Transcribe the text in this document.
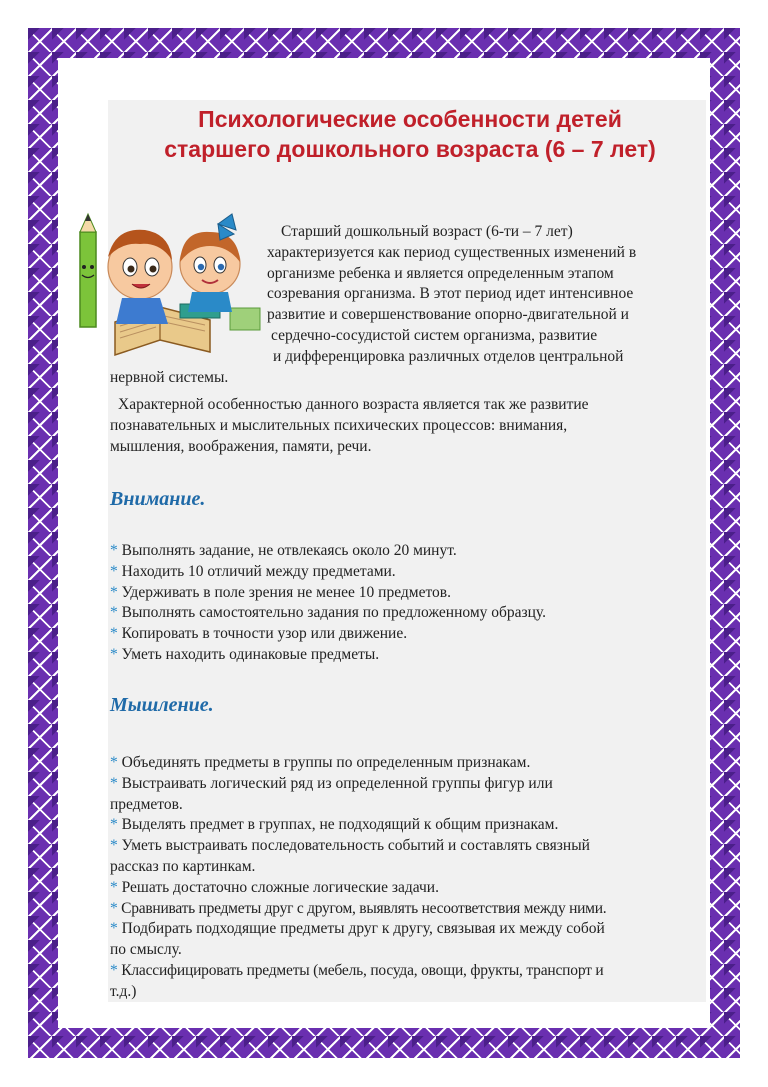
Психологические особенности детей
старшего дошкольного возраста (6 – 7 лет)
Старший дошкольный возраст (6-ти – 7 лет)
характеризуется как период существенных изменений в
организме ребенка и является определенным этапом
созревания организма. В этот период идет интенсивное
развитие и совершенствование опорно-двигательной и
сердечно-сосудистой систем организма, развитие
и дифференцировка различных отделов центральной
нервной системы.
Характерной особенностью данного возраста является так же развитие
познавательных и мыслительных психических процессов: внимания,
мышления, воображения, памяти, речи.
Внимание.
* Выполнять задание, не отвлекаясь около 20 минут.
* Находить 10 отличий между предметами.
* Удерживать в поле зрения не менее 10 предметов.
* Выполнять самостоятельно задания по предложенному образцу.
* Копировать в точности узор или движение.
* Уметь находить одинаковые предметы.
Мышление.
* Объединять предметы в группы по определенным признакам.
* Выстраивать логический ряд из определенной группы фигур или
предметов.
* Выделять предмет в группах, не подходящий к общим признакам.
* Уметь выстраивать последовательность событий и составлять связный
рассказ по картинкам.
* Решать достаточно сложные логические задачи.
* Сравнивать предметы друг с другом, выявлять несоответствия между ними.
* Подбирать подходящие предметы друг к другу, связывая их между собой
по смыслу.
* Классифицировать предметы (мебель, посуда, овощи, фрукты, транспорт и
т.д.)
